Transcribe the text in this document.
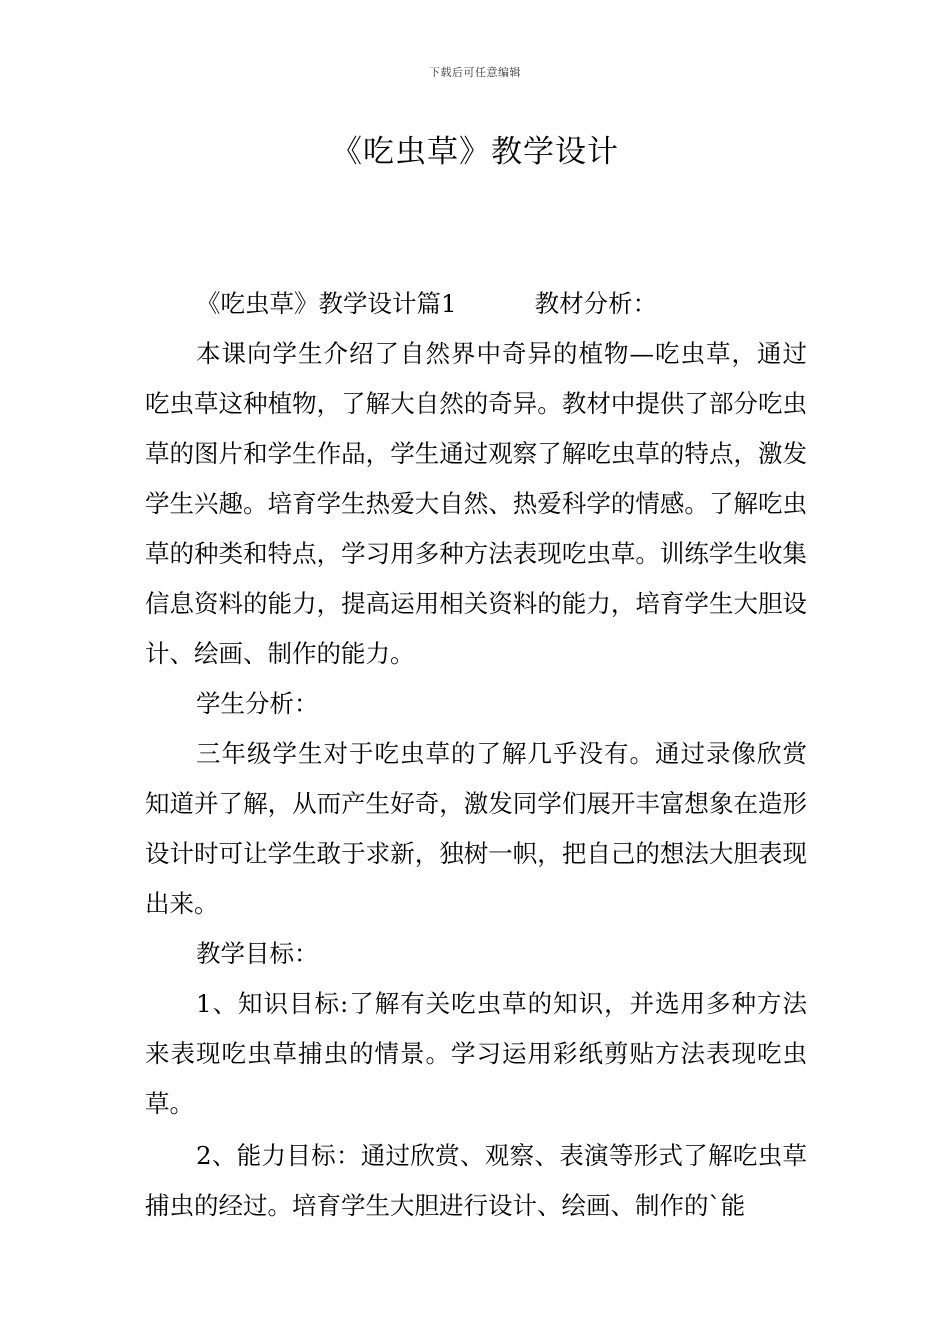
下载后可任意编辑
《吃虫草》教学设计

《吃虫草》教学设计篇1	教材分析：

本课向学生介绍了自然界中奇异的植物—吃虫草，通过吃虫草这种植物，了解大自然的奇异。教材中提供了部分吃虫草的图片和学生作品，学生通过观察了解吃虫草的特点，激发学生兴趣。培育学生热爱大自然、热爱科学的情感。了解吃虫草的种类和特点，学习用多种方法表现吃虫草。训练学生收集信息资料的能力，提高运用相关资料的能力，培育学生大胆设计、绘画、制作的能力。

学生分析：

三年级学生对于吃虫草的了解几乎没有。通过录像欣赏知道并了解，从而产生好奇，激发同学们展开丰富想象在造形设计时可让学生敢于求新，独树一帜，把自己的想法大胆表现出来。

教学目标：

1、知识目标:了解有关吃虫草的知识，并选用多种方法来表现吃虫草捕虫的情景。学习运用彩纸剪贴方法表现吃虫草。

2、能力目标：通过欣赏、观察、表演等形式了解吃虫草捕虫的经过。培育学生大胆进行设计、绘画、制作的`能
